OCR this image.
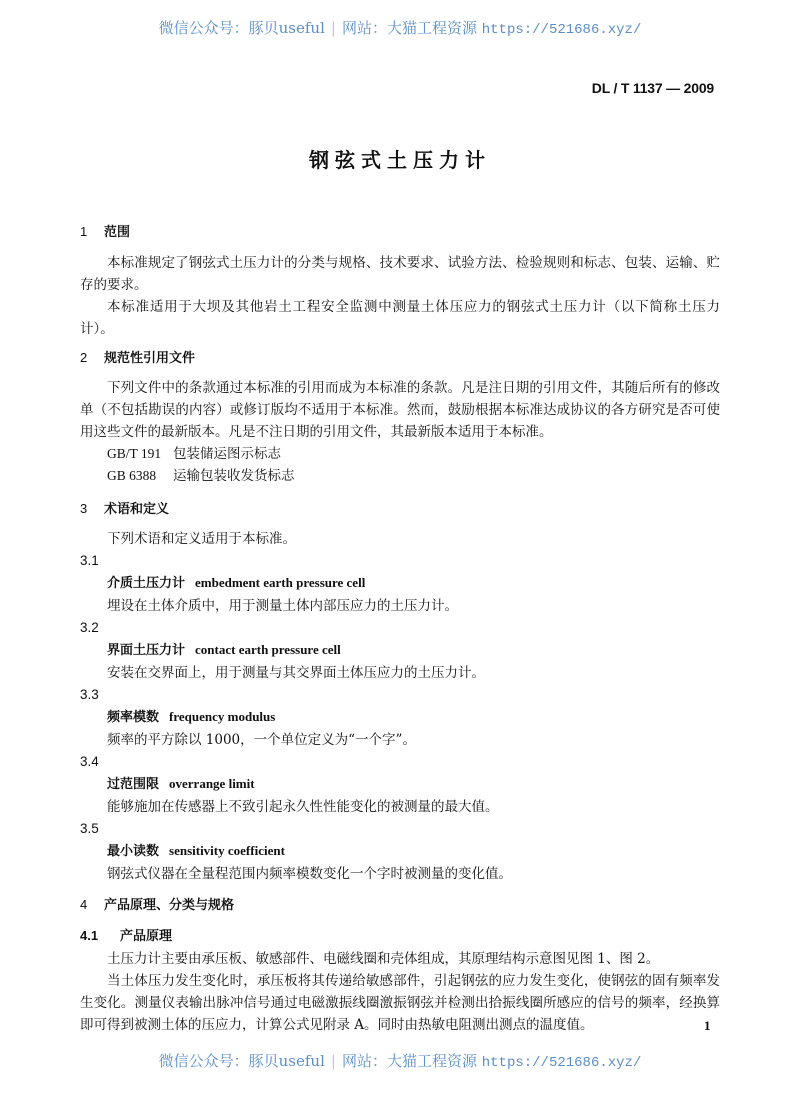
微信公众号：豚贝useful | 网站：大猫工程资源 https://521686.xyz/
DL / T 1137 — 2009
钢弦式土压力计
1 范围

本标准规定了钢弦式土压力计的分类与规格、技术要求、试验方法、检验规则和标志、包装、运输、贮存的要求。

本标准适用于大坝及其他岩土工程安全监测中测量土体压应力的钢弦式土压力计（以下简称土压力计）。

2 规范性引用文件

下列文件中的条款通过本标准的引用而成为本标准的条款。凡是注日期的引用文件，其随后所有的修改单（不包括勘误的内容）或修订版均不适用于本标准。然而，鼓励根据本标准达成协议的各方研究是否可使用这些文件的最新版本。凡是不注日期的引用文件，其最新版本适用于本标准。

GB/T 191 包装储运图示标志
GB 6388 运输包装收发货标志
3 术语和定义

下列术语和定义适用于本标准。

3.1
介质土压力计 embedment earth pressure cell
埋设在土体介质中，用于测量土体内部压应力的土压力计。
3.2
界面土压力计 contact earth pressure cell
安装在交界面上，用于测量与其交界面土体压应力的土压力计。
3.3
频率模数 frequency modulus
频率的平方除以 1000，一个单位定义为“一个字”。
3.4
过范围限 overrange limit
能够施加在传感器上不致引起永久性性能变化的被测量的最大值。
3.5
最小读数 sensitivity coefficient
钢弦式仪器在全量程范围内频率模数变化一个字时被测量的变化值。
4 产品原理、分类与规格
4.1 产品原理

土压力计主要由承压板、敏感部件、电磁线圈和壳体组成，其原理结构示意图见图 1、图 2。

当土体压力发生变化时，承压板将其传递给敏感部件，引起钢弦的应力发生变化，使钢弦的固有频率发生变化。测量仪表输出脉冲信号通过电磁激振线圈激振钢弦并检测出拾振线圈所感应的信号的频率，经换算即可得到被测土体的压应力，计算公式见附录 A。同时由热敏电阻测出测点的温度值。	1
微信公众号：豚贝useful | 网站：大猫工程资源 https://521686.xyz/
